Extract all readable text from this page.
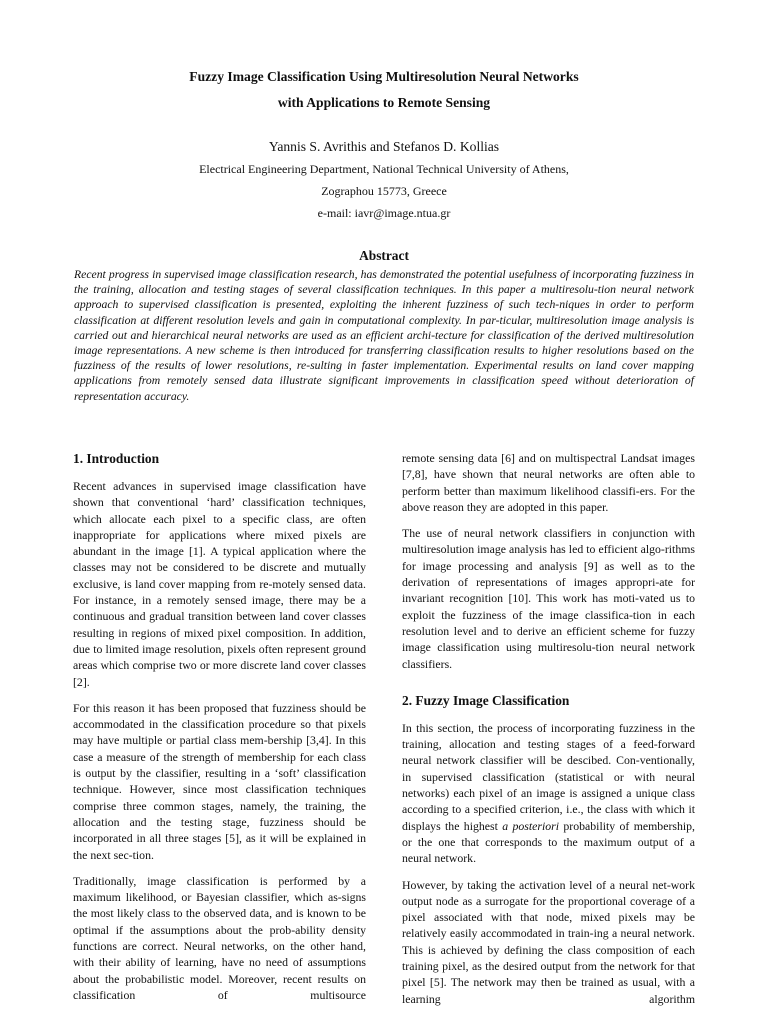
Fuzzy Image Classification Using Multiresolution Neural Networks
with Applications to Remote Sensing

Yannis S. Avrithis and Stefanos D. Kollias

Electrical Engineering Department, National Technical University of Athens,

Zographou 15773, Greece

e-mail: iavr@image.ntua.gr

Abstract

Recent progress in supervised image classification research, has demonstrated the potential usefulness of incorporating fuzziness in the training, allocation and testing stages of several classification techniques. In this paper a multiresolu-tion neural network approach to supervised classification is presented, exploiting the inherent fuzziness of such tech-niques in order to perform classification at different resolution levels and gain in computational complexity. In par-ticular, multiresolution image analysis is carried out and hierarchical neural networks are used as an efficient archi-tecture for classification of the derived multiresolution image representations. A new scheme is then introduced for transferring classification results to higher resolutions based on the fuzziness of the results of lower resolutions, re-sulting in faster implementation. Experimental results on land cover mapping applications from remotely sensed data illustrate significant improvements in classification speed without deterioration of representation accuracy.

1. Introduction

Recent advances in supervised image classification have shown that conventional ‘hard’ classification techniques, which allocate each pixel to a specific class, are often inappropriate for applications where mixed pixels are abundant in the image [1]. A typical application where the classes may not be considered to be discrete and mutually exclusive, is land cover mapping from re-motely sensed data. For instance, in a remotely sensed image, there may be a continuous and gradual transition between land cover classes resulting in regions of mixed pixel composition. In addition, due to limited image resolution, pixels often represent ground areas which comprise two or more discrete land cover classes [2].

For this reason it has been proposed that fuzziness should be accommodated in the classification procedure so that pixels may have multiple or partial class mem-bership [3,4]. In this case a measure of the strength of membership for each class is output by the classifier, resulting in a ‘soft’ classification technique. However, since most classification techniques comprise three common stages, namely, the training, the allocation and the testing stage, fuzziness should be incorporated in all three stages [5], as it will be explained in the next sec-tion.

Traditionally, image classification is performed by a maximum likelihood, or Bayesian classifier, which as-signs the most likely class to the observed data, and is known to be optimal if the assumptions about the prob-ability density functions are correct. Neural networks, on the other hand, with their ability of learning, have no need of assumptions about the probabilistic model. Moreover, recent results on classification of multisource

remote sensing data [6] and on multispectral Landsat images [7,8], have shown that neural networks are often able to perform better than maximum likelihood classifi-ers. For the above reason they are adopted in this paper.

The use of neural network classifiers in conjunction with multiresolution image analysis has led to efficient algo-rithms for image processing and analysis [9] as well as to the derivation of representations of images appropri-ate for invariant recognition [10]. This work has moti-vated us to exploit the fuzziness of the image classifica-tion in each resolution level and to derive an efficient scheme for fuzzy image classification using multiresolu-tion neural network classifiers.

2. Fuzzy Image Classification

In this section, the process of incorporating fuzziness in the training, allocation and testing stages of a feed-forward neural network classifier will be descibed. Con-ventionally, in supervised classification (statistical or with neural networks) each pixel of an image is assigned a unique class according to a specified criterion, i.e., the class with which it displays the highest a posteriori probability of membership, or the one that corresponds to the maximum output of a neural network.

However, by taking the activation level of a neural net-work output node as a surrogate for the proportional coverage of a pixel associated with that node, mixed pixels may be relatively easily accommodated in train-ing a neural network. This is achieved by defining the class composition of each training pixel, as the desired output from the network for that pixel [5]. The network may then be trained as usual, with a learning algorithm
